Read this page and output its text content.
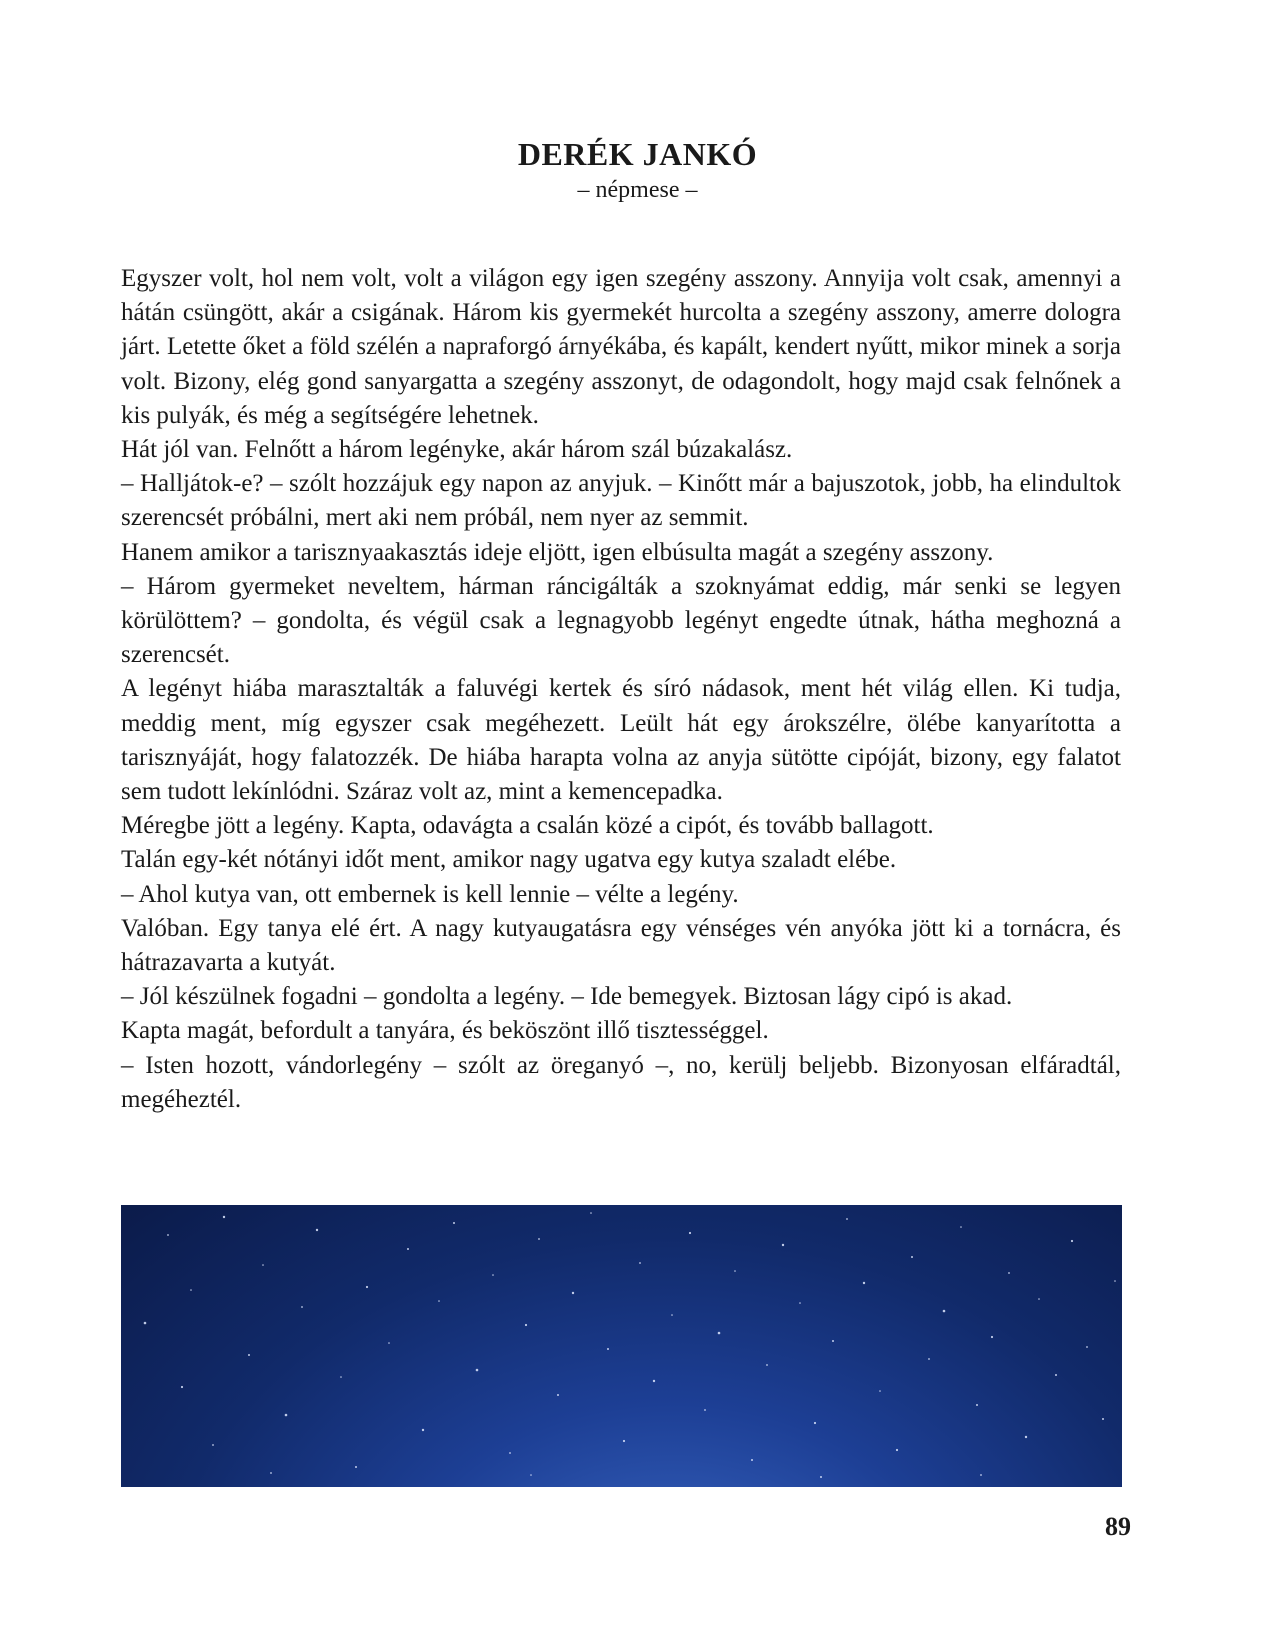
DERÉK JANKÓ
– népmese –

Egyszer volt, hol nem volt, volt a világon egy igen szegény asszony. Annyija volt csak, amennyi a hátán csüngött, akár a csigának. Három kis gyermekét hurcolta a szegény asszony, amerre dologra járt. Letette őket a föld szélén a napraforgó árnyékába, és kapált, kendert nyűtt, mikor minek a sorja volt. Bizony, elég gond sanyargatta a szegény asszonyt, de odagondolt, hogy majd csak felnőnek a kis pulyák, és még a segítségére lehetnek.

Hát jól van. Felnőtt a három legényke, akár három szál búzakalász.

– Halljátok-e? – szólt hozzájuk egy napon az anyjuk. – Kinőtt már a bajuszotok, jobb, ha elindultok szerencsét próbálni, mert aki nem próbál, nem nyer az semmit.

Hanem amikor a tarisznyaakasztás ideje eljött, igen elbúsulta magát a szegény asszony.

– Három gyermeket neveltem, hárman ráncigálták a szoknyámat eddig, már senki se legyen körülöttem? – gondolta, és végül csak a legnagyobb legényt engedte útnak, hátha meghozná a szerencsét.

A legényt hiába marasztalták a faluvégi kertek és síró nádasok, ment hét világ ellen. Ki tudja, meddig ment, míg egyszer csak megéhezett. Leült hát egy árokszélre, ölébe kanyarította a tarisznyáját, hogy falatozzék. De hiába harapta volna az anyja sütötte cipóját, bizony, egy falatot sem tudott lekínlódni. Száraz volt az, mint a kemencepadka.

Méregbe jött a legény. Kapta, odavágta a csalán közé a cipót, és tovább ballagott.

Talán egy-két nótányi időt ment, amikor nagy ugatva egy kutya szaladt elébe.

– Ahol kutya van, ott embernek is kell lennie – vélte a legény.

Valóban. Egy tanya elé ért. A nagy kutyaugatásra egy vénséges vén anyóka jött ki a tornácra, és hátrazavarta a kutyát.

– Jól készülnek fogadni – gondolta a legény. – Ide bemegyek. Biztosan lágy cipó is akad.

Kapta magát, befordult a tanyára, és beköszönt illő tisztességgel.

– Isten hozott, vándorlegény – szólt az öreganyó –, no, kerülj beljebb. Bizonyosan elfáradtál, megéheztél.

89
